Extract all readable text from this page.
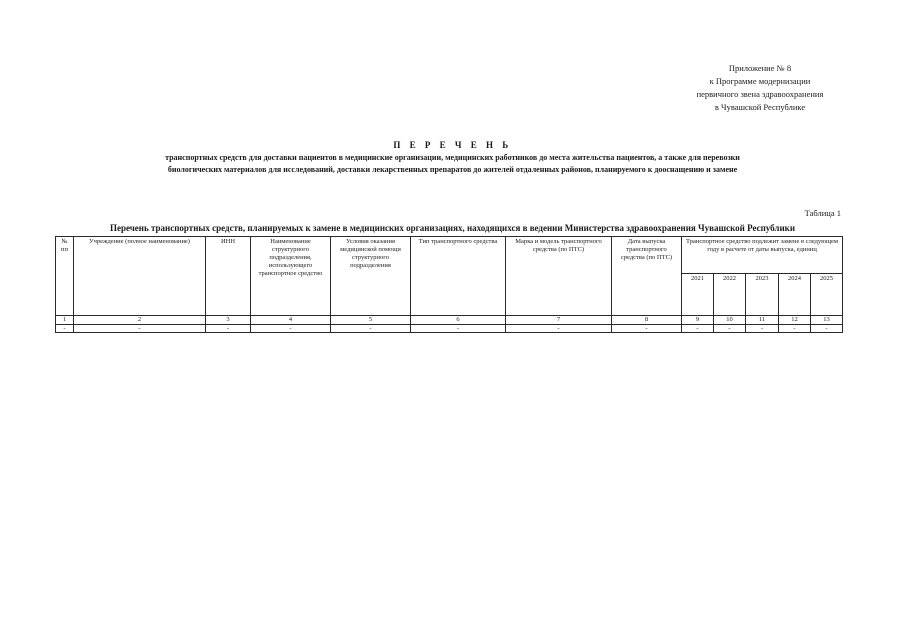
Приложение № 8
к Программе модернизации
первичного звена здравоохранения
в Чувашской Республике
П Е Р Е Ч Е Н Ь
транспортных средств для доставки пациентов в медицинские организации, медицинских работников до места жительства пациентов, а также для перевозки
биологических материалов для исследований, доставки лекарственных препаратов до жителей отдаленных районов, планируемого к дооснащению и замене
Таблица 1
Перечень транспортных средств, планируемых к замене в медицинских организациях, находящихся в ведении Министерства здравоохранения Чувашской Республики
№
пп	Учреждение (полное наименование)	ИНН	Наименование структурного подразделения, использующего транспортное средство	Условия оказания медицинской помощи структурного подразделения	Тип транспортного средства	Марка и модель транспортного средства (по ПТС)	Дата выпуска транспортного средства (по ПТС)	Транспортное средство подлежит замене в следующем году в расчете от даты выпуска, единиц				
								2021	2022	2023	2024	2025
1	2	3	4	5	6	7	8	9	10	11	12	13
-	-	-	-	-	-	-	-	-	-	-	-	-
